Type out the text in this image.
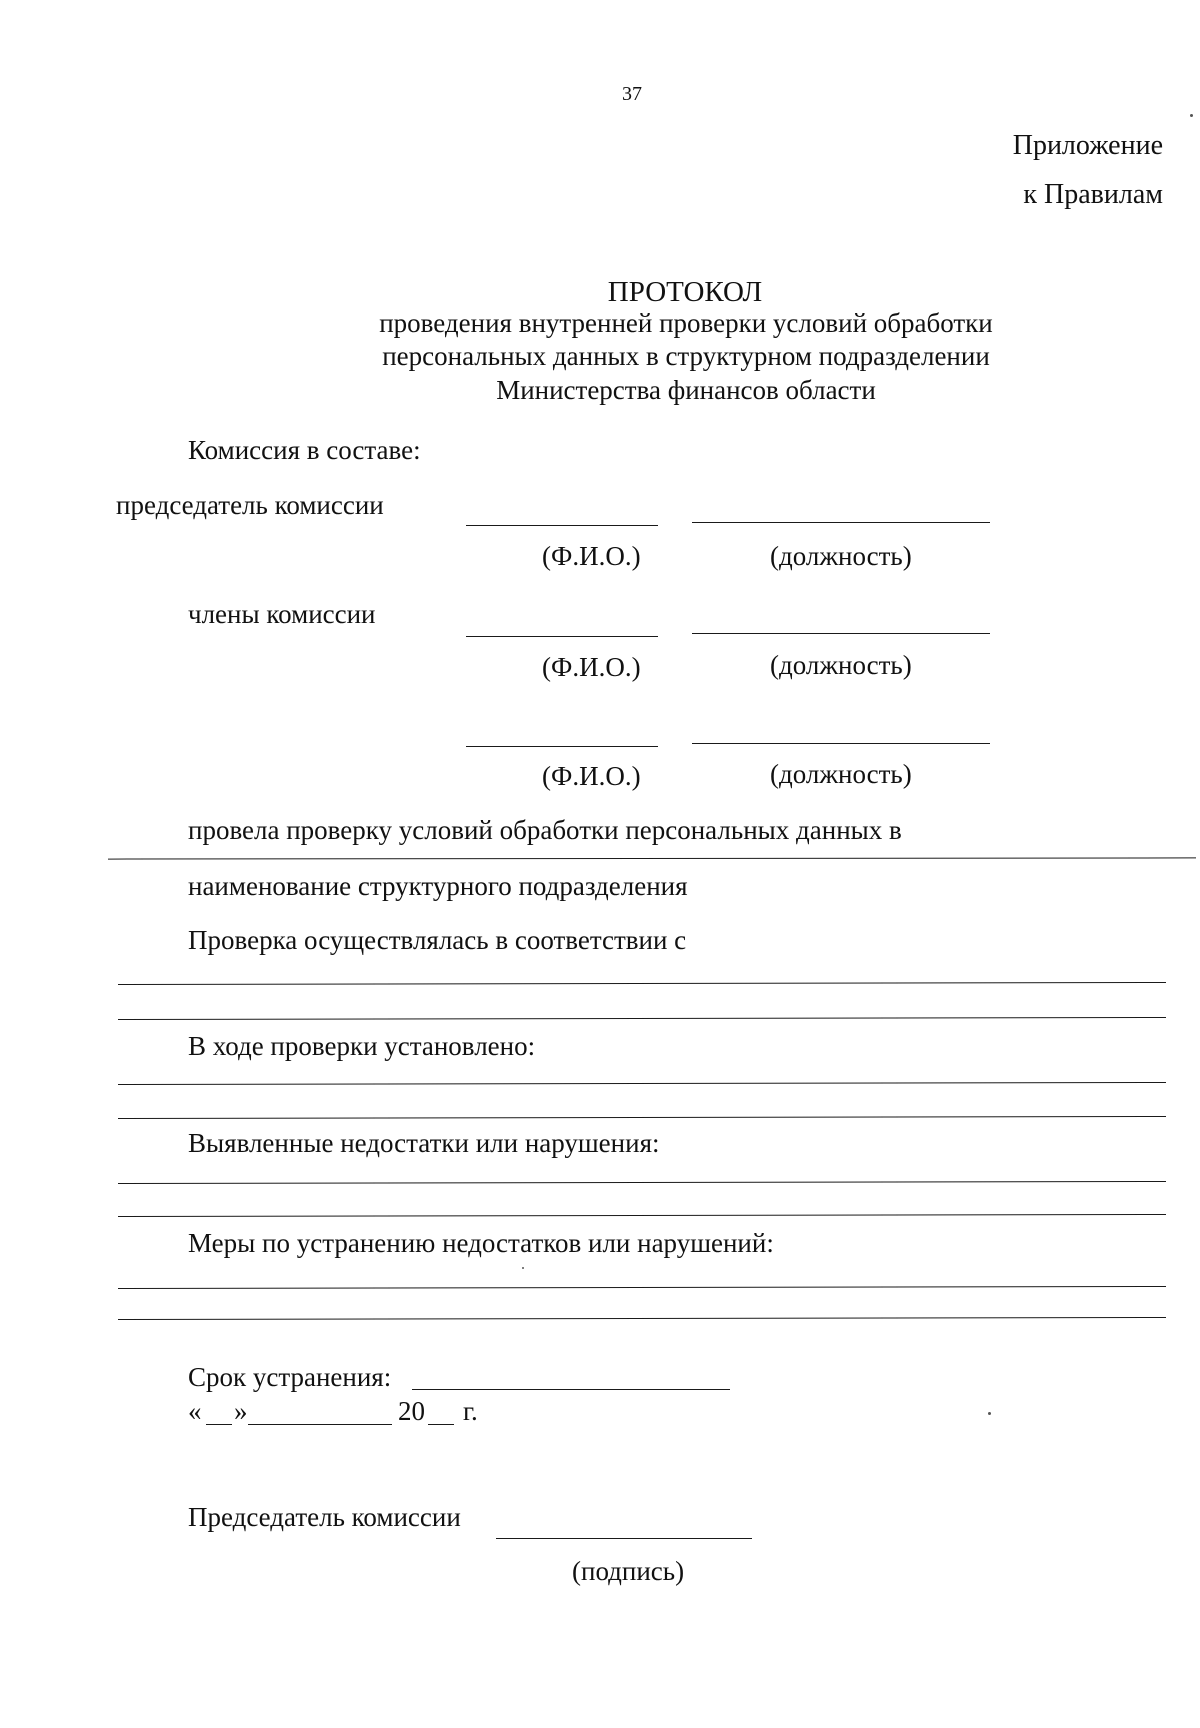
37
Приложение
к Правилам
ПРОТОКОЛ
проведения внутренней проверки условий обработки
персональных данных в структурном подразделении
Министерства финансов области
Комиссия в составе:
председатель комиссии
(Ф.И.О.)	(должность)
члены комиссии
(Ф.И.О.)	(должность)
(Ф.И.О.)	(должность)
провела проверку условий обработки персональных данных в
наименование структурного подразделения
Проверка осуществлялась в соответствии с
В ходе проверки установлено:
Выявленные недостатки или нарушения:
Меры по устранению недостатков или нарушений:
Срок устранения:
« »	20 г.
Председатель комиссии
(подпись)
